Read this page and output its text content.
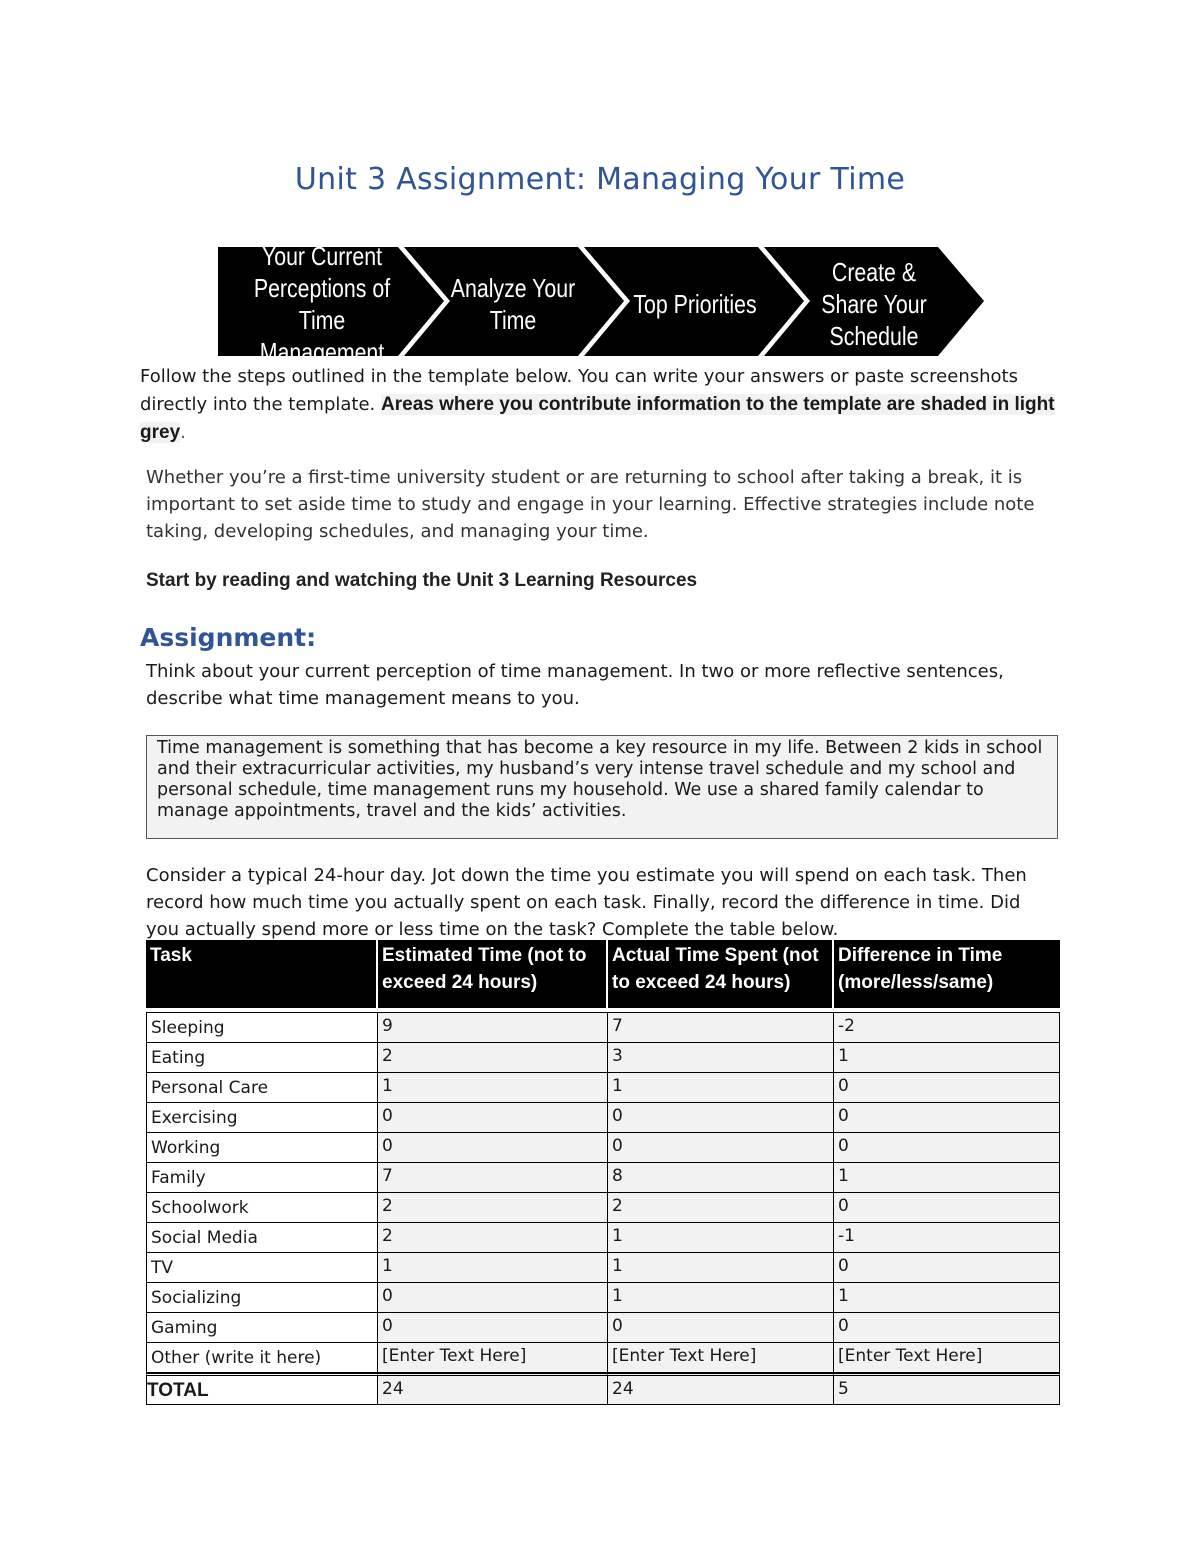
Unit 3 Assignment: Managing Your Time
Your Current
Perceptions of Time
Management
Analyze Your
Time
Top Priorities
Create &
Share Your
Schedule
Follow the steps outlined in the template below. You can write your answers or paste screenshots directly into the template. Areas where you contribute information to the template are shaded in light grey.
Whether you’re a first-time university student or are returning to school after taking a break, it is important to set aside time to study and engage in your learning. Effective strategies include note taking, developing schedules, and managing your time.
Start by reading and watching the Unit 3 Learning Resources
Assignment:
Think about your current perception of time management. In two or more reflective sentences, describe what time management means to you.
Time management is something that has become a key resource in my life. Between 2 kids in school and their extracurricular activities, my husband’s very intense travel schedule and my school and personal schedule, time management runs my household. We use a shared family calendar to manage appointments, travel and the kids’ activities.
Consider a typical 24-hour day. Jot down the time you estimate you will spend on each task. Then record how much time you actually spent on each task. Finally, record the difference in time. Did you actually spend more or less time on the task? Complete the table below.
Task	Estimated Time (not to exceed 24 hours)	Actual Time Spent (not to exceed 24 hours)	Difference in Time (more/less/same)

Sleeping	9	7	-2
Eating	2	3	1
Personal Care	1	1	0
Exercising	0	0	0
Working	0	0	0
Family	7	8	1
Schoolwork	2	2	0
Social Media	2	1	-1
TV	1	1	0
Socializing	0	1	1
Gaming	0	0	0
Other (write it here)	[Enter Text Here]	[Enter Text Here]	[Enter Text Here]
TOTAL	24	24	5
